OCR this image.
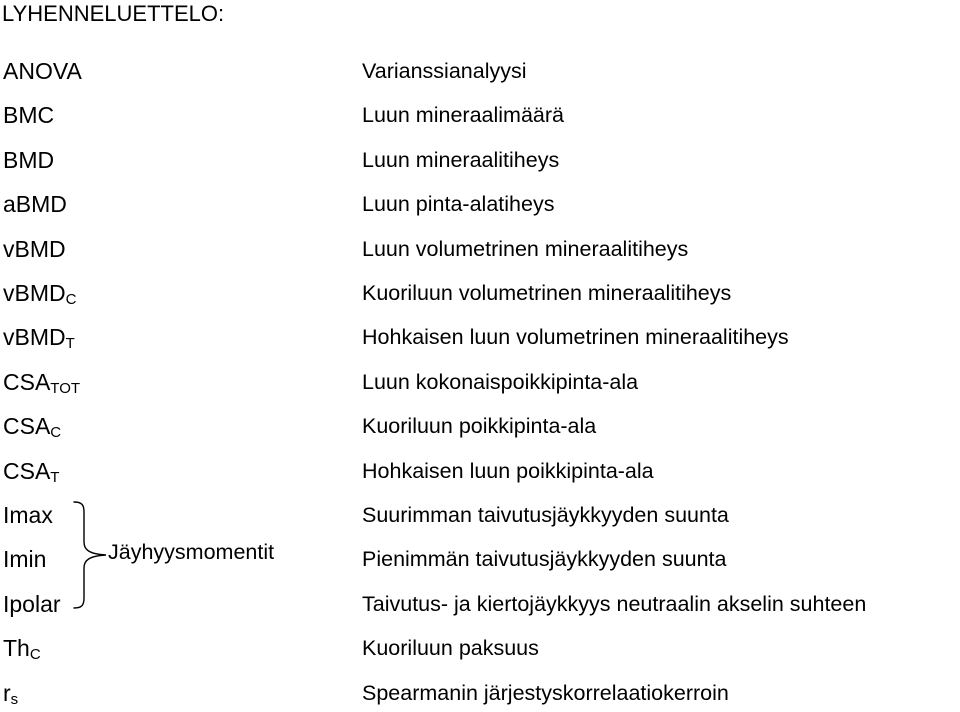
LYHENNELUETTELO:
ANOVA	Varianssianalyysi
BMC	Luun mineraalimäärä
BMD	Luun mineraalitiheys
aBMD	Luun pinta-alatiheys
vBMD	Luun volumetrinen mineraalitiheys
vBMD$_C$	Kuoriluun volumetrinen mineraalitiheys
vBMD$_T$	Hohkaisen luun volumetrinen mineraalitiheys
$CSA_{TOT}$	Luun kokonaispoikkipinta-ala
$CSA_C$	Kuoriluun poikkipinta-ala
$CSA_T$	Hohkaisen luun poikkipinta-ala
Imax	Suurimman taivutusjäykkyyden suunta
Imin	Pienimmän taivutusjäykkyyden suunta
Ipolar	Taivutus- ja kiertojäykkyys neutraalin akselin suhteen
$Th_C$	Kuoriluun paksuus
$r_s$	Spearmanin järjestyskorrelaatiokerroin
Jäyhyysmomentit
